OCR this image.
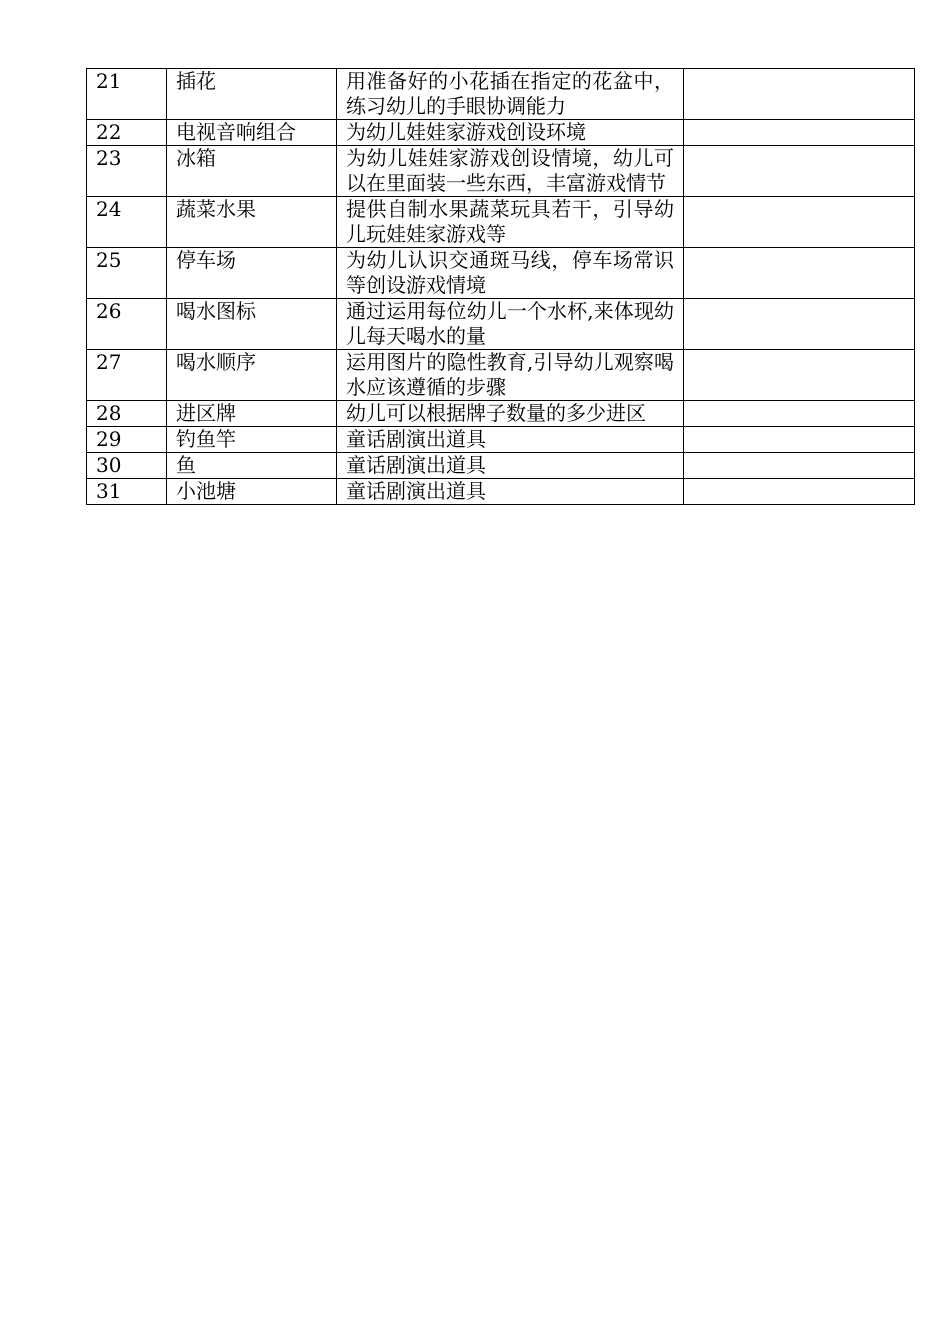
21	插花	用准备好的小花插在指定的花盆中，练习幼儿的手眼协调能力	
22	电视音响组合	为幼儿娃娃家游戏创设环境	
23	冰箱	为幼儿娃娃家游戏创设情境，幼儿可以在里面装一些东西，丰富游戏情节	
24	蔬菜水果	提供自制水果蔬菜玩具若干，引导幼儿玩娃娃家游戏等	
25	停车场	为幼儿认识交通斑马线，停车场常识等创设游戏情境	
26	喝水图标	通过运用每位幼儿一个水杯,来体现幼儿每天喝水的量	
27	喝水顺序	运用图片的隐性教育,引导幼儿观察喝水应该遵循的步骤	
28	进区牌	幼儿可以根据牌子数量的多少进区	
29	钓鱼竿	童话剧演出道具	
30	鱼	童话剧演出道具	
31	小池塘	童话剧演出道具	
